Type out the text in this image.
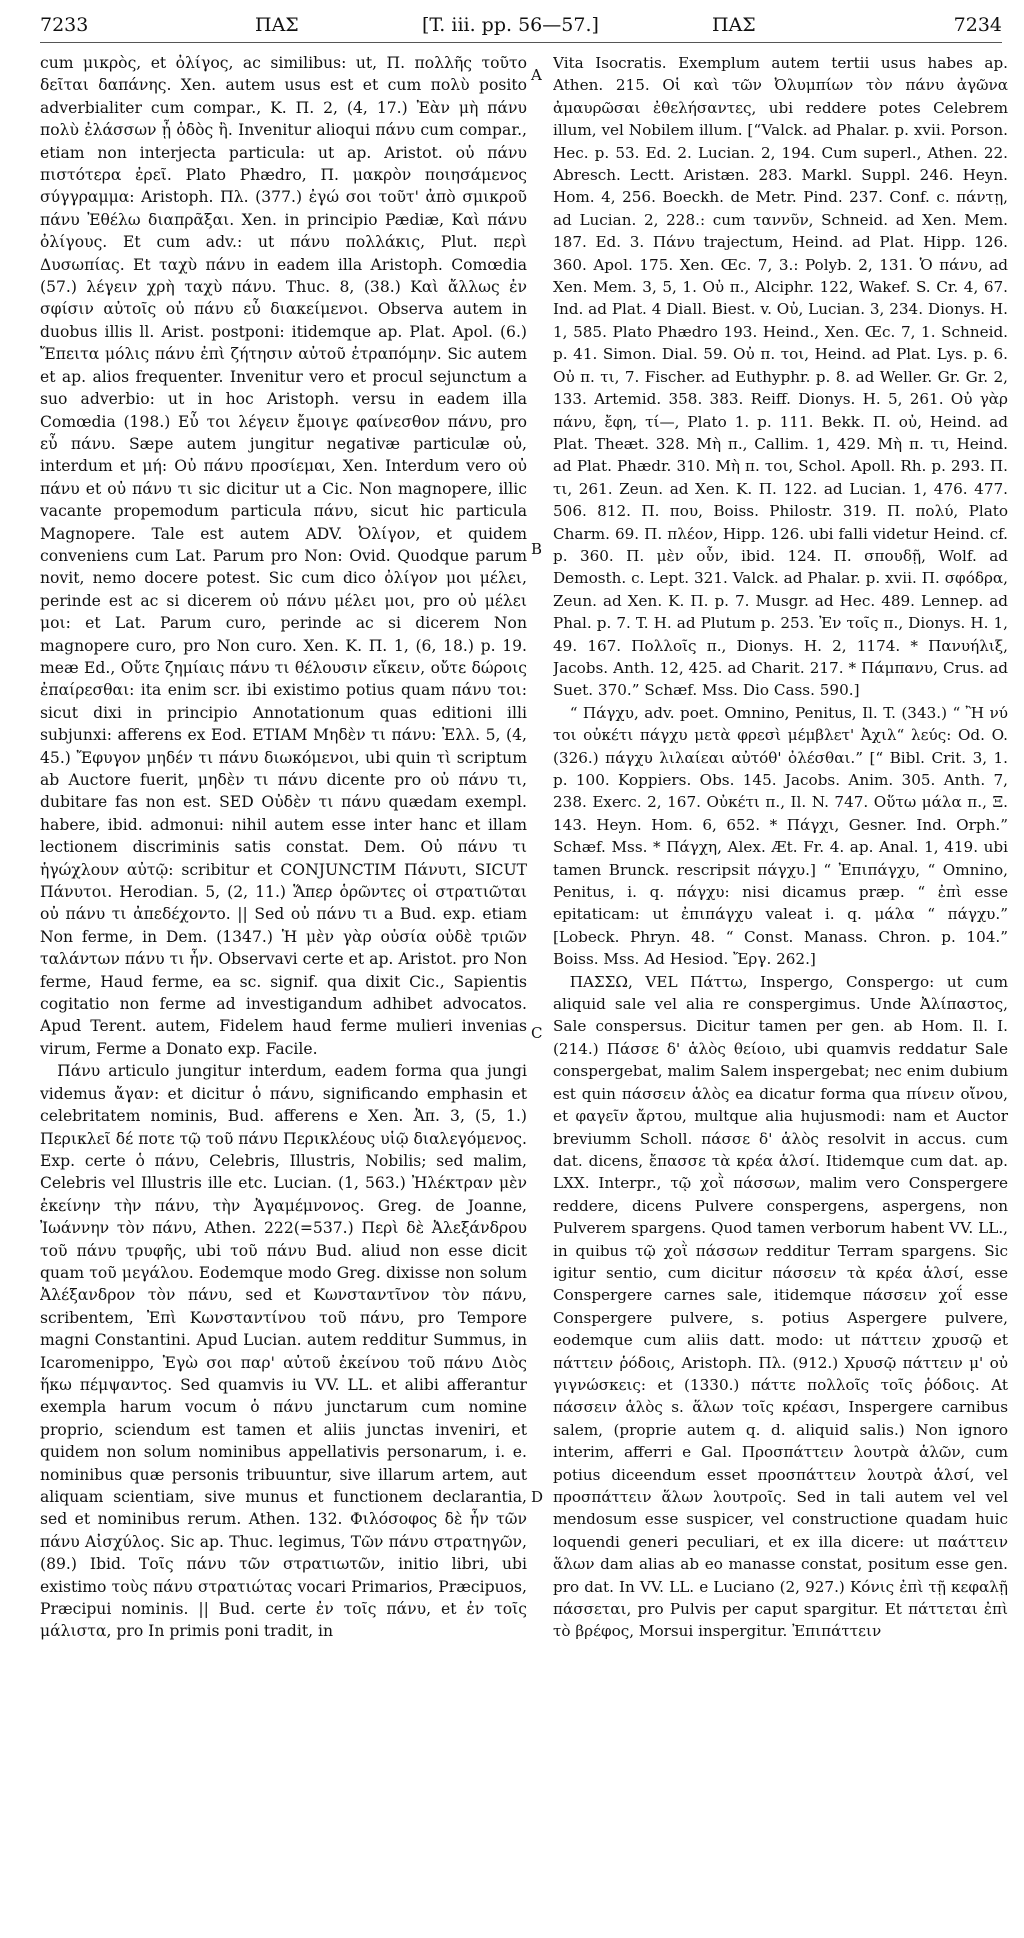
7233	ΠΑΣ	[T. iii. pp. 56—57.]	ΠΑΣ	7234
A
B
C
D

cum μικρὸς, et ὀλίγος, ac similibus: ut, Π. πολλῆς τοῦτο δεῖται δαπάνης. Xen. autem usus est et cum πολὺ posito adverbialiter cum compar., K. Π. 2, (4, 17.) Ἐὰν μὴ πάνυ πολὺ ἐλάσσων ᾖ ὁδὸς ἢ. Invenitur alioqui πάνυ cum compar., etiam non interjecta particula: ut ap. Aristot. οὐ πάνυ πιστότερα ἐρεῖ. Plato Phædro, Π. μακρὸν ποιησάμενος σύγγραμμα: Aristoph. Πλ. (377.) ἐγώ σοι τοῦτ' ἀπὸ σμικροῦ πάνυ Ἐθέλω διαπρᾶξαι. Xen. in principio Pædiæ, Καὶ πάνυ ὀλίγους. Et cum adv.: ut πάνυ πολλάκις, Plut. περὶ Δυσωπίας. Et ταχὺ πάνυ in eadem illa Aristoph. Comœdia (57.) λέγειν χρὴ ταχὺ πάνυ. Thuc. 8, (38.) Καὶ ἄλλως ἐν σφίσιν αὐτοῖς οὐ πάνυ εὖ διακείμενοι. Observa autem in duobus illis ll. Arist. postponi: itidemque ap. Plat. Apol. (6.) Ἔπειτα μόλις πάνυ ἐπὶ ζήτησιν αὐτοῦ ἐτραπόμην. Sic autem et ap. alios frequenter. Invenitur vero et procul sejunctum a suo adverbio: ut in hoc Aristoph. versu in eadem illa Comœdia (198.) Εὖ τοι λέγειν ἔμοιγε φαίνεσθον πάνυ, pro εὖ πάνυ. Sæpe autem jungitur negativæ particulæ οὐ, interdum et μή: Οὐ πάνυ προσίεμαι, Xen. Interdum vero οὐ πάνυ et οὐ πάνυ τι sic dicitur ut a Cic. Non magnopere, illic vacante propemodum particula πάνυ, sicut hic particula Magnopere. Tale est autem ADV. Ὀλίγον, et quidem conveniens cum Lat. Parum pro Non: Ovid. Quodque parum novit, nemo docere potest. Sic cum dico ὀλίγον μοι μέλει, perinde est ac si dicerem οὐ πάνυ μέλει μοι, pro οὐ μέλει μοι: et Lat. Parum curo, perinde ac si dicerem Non magnopere curo, pro Non curo. Xen. K. Π. 1, (6, 18.) p. 19. meæ Ed., Οὔτε ζημίαις πάνυ τι θέλουσιν εἴκειν, οὔτε δώροις ἐπαίρεσθαι: ita enim scr. ibi existimo potius quam πάνυ τοι: sicut dixi in principio Annotationum quas editioni illi subjunxi: afferens ex Eod. ETIAM Μηδὲν τι πάνυ: Ἐλλ. 5, (4, 45.) Ἔφυγον μηδέν τι πάνυ διωκόμενοι, ubi quin τὶ scriptum ab Auctore fuerit, μηδὲν τι πάνυ dicente pro οὐ πάνυ τι, dubitare fas non est. SED Οὐδὲν τι πάνυ quædam exempl. habere, ibid. admonui: nihil autem esse inter hanc et illam lectionem discriminis satis constat. Dem. Οὐ πάνυ τι ἡγώχλουν αὐτῷ: scribitur et CONJUNCTIM Πάνυτι, SICUT Πάνυτοι. Herodian. 5, (2, 11.) Ἅπερ ὁρῶντες οἱ στρατιῶται οὐ πάνυ τι ἀπεδέχοντο. || Sed οὐ πάνυ τι a Bud. exp. etiam Non ferme, in Dem. (1347.) Ἡ μὲν γὰρ οὐσία οὐδὲ τριῶν ταλάντων πάνυ τι ἦν. Observavi certe et ap. Aristot. pro Non ferme, Haud ferme, ea sc. signif. qua dixit Cic., Sapientis cogitatio non ferme ad investigandum adhibet advocatos. Apud Terent. autem, Fidelem haud ferme mulieri invenias virum, Ferme a Donato exp. Facile.

Πάνυ articulo jungitur interdum, eadem forma qua jungi videmus ἄγαν: et dicitur ὁ πάνυ, significando emphasin et celebritatem nominis, Bud. afferens e Xen. Ἀπ. 3, (5, 1.) Περικλεῖ δέ ποτε τῷ τοῦ πάνυ Περικλέους υἱῷ διαλεγόμενος. Exp. certe ὁ πάνυ, Celebris, Illustris, Nobilis; sed malim, Celebris vel Illustris ille etc. Lucian. (1, 563.) Ἠλέκτραν μὲν ἐκείνην τὴν πάνυ, τὴν Ἀγαμέμνονος. Greg. de Joanne, Ἰωάννην τὸν πάνυ, Athen. 222(=537.) Περὶ δὲ Ἀλεξάνδρου τοῦ πάνυ τρυφῆς, ubi τοῦ πάνυ Bud. aliud non esse dicit quam τοῦ μεγάλου. Eodemque modo Greg. dixisse non solum Ἀλέξανδρον τὸν πάνυ, sed et Κωνσταντῖνον τὸν πάνυ, scribentem, Ἐπὶ Κωνσταντίνου τοῦ πάνυ, pro Tempore magni Constantini. Apud Lucian. autem redditur Summus, in Icaromenippo, Ἐγὼ σοι παρ' αὐτοῦ ἐκείνου τοῦ πάνυ Διὸς ἥκω πέμψαντος. Sed quamvis iu VV. LL. et alibi afferantur exempla harum vocum ὁ πάνυ junctarum cum nomine proprio, sciendum est tamen et aliis junctas inveniri, et quidem non solum nominibus appellativis personarum, i. e. nominibus quæ personis tribuuntur, sive illarum artem, aut aliquam scientiam, sive munus et functionem declarantia, sed et nominibus rerum. Athen. 132. Φιλόσοφος δὲ ἦν τῶν πάνυ Αἰσχύλος. Sic ap. Thuc. legimus, Τῶν πάνυ στρατηγῶν, (89.) Ibid. Τοῖς πάνυ τῶν στρατιωτῶν, initio libri, ubi existimo τοὺς πάνυ στρατιώτας vocari Primarios, Præcipuos, Præcipui nominis. || Bud. certe ἐν τοῖς πάνυ, et ἐν τοῖς μάλιστα, pro In primis poni tradit, in

Vita Isocratis. Exemplum autem tertii usus habes ap. Athen. 215. Οἱ καὶ τῶν Ὀλυμπίων τὸν πάνυ ἀγῶνα ἀμαυρῶσαι ἐθελήσαντες, ubi reddere potes Celebrem illum, vel Nobilem illum. [“Valck. ad Phalar. p. xvii. Porson. Hec. p. 53. Ed. 2. Lucian. 2, 194. Cum superl., Athen. 22. Abresch. Lectt. Aristæn. 283. Markl. Suppl. 246. Heyn. Hom. 4, 256. Boeckh. de Metr. Pind. 237. Conf. c. πάντῃ, ad Lucian. 2, 228.: cum ταννῦν, Schneid. ad Xen. Mem. 187. Ed. 3. Πάνυ trajectum, Heind. ad Plat. Hipp. 126. 360. Apol. 175. Xen. Œc. 7, 3.: Polyb. 2, 131. Ὁ πάνυ, ad Xen. Mem. 3, 5, 1. Οὐ π., Alciphr. 122, Wakef. S. Cr. 4, 67. Ind. ad Plat. 4 Diall. Biest. v. Οὐ, Lucian. 3, 234. Dionys. H. 1, 585. Plato Phædro 193. Heind., Xen. Œc. 7, 1. Schneid. p. 41. Simon. Dial. 59. Οὐ π. τοι, Heind. ad Plat. Lys. p. 6. Οὐ π. τι, 7. Fischer. ad Euthyphr. p. 8. ad Weller. Gr. Gr. 2, 133. Artemid. 358. 383. Reiff. Dionys. H. 5, 261. Οὐ γὰρ πάνυ, ἔφη, τί—, Plato 1. p. 111. Bekk. Π. οὐ, Heind. ad Plat. Theæt. 328. Μὴ π., Callim. 1, 429. Μὴ π. τι, Heind. ad Plat. Phædr. 310. Μὴ π. τοι, Schol. Apoll. Rh. p. 293. Π. τι, 261. Zeun. ad Xen. K. Π. 122. ad Lucian. 1, 476. 477. 506. 812. Π. που, Boiss. Philostr. 319. Π. πολύ, Plato Charm. 69. Π. πλέον, Hipp. 126. ubi falli videtur Heind. cf. p. 360. Π. μὲν οὖν, ibid. 124. Π. σπουδῇ, Wolf. ad Demosth. c. Lept. 321. Valck. ad Phalar. p. xvii. Π. σφόδρα, Zeun. ad Xen. K. Π. p. 7. Musgr. ad Hec. 489. Lennep. ad Phal. p. 7. T. H. ad Plutum p. 253. Ἐν τοῖς π., Dionys. H. 1, 49. 167. Πολλοῖς π., Dionys. H. 2, 1174. * Πανυήλιξ, Jacobs. Anth. 12, 425. ad Charit. 217. * Πάμπανυ, Crus. ad Suet. 370.” Schæf. Mss. Dio Cass. 590.]

“ Πάγχυ, adv. poet. Omnino, Penitus, Il. T. (343.) “ Ἢ νύ τοι οὐκέτι πάγχυ μετὰ φρεσὶ μέμβλετ' Ἀχιλ“ λεύς: Od. O. (326.) πάγχυ λιλαίεαι αὐτόθ' ὀλέσθαι.” [“ Bibl. Crit. 3, 1. p. 100. Koppiers. Obs. 145. Jacobs. Anim. 305. Anth. 7, 238. Exerc. 2, 167. Οὐκέτι π., Il. N. 747. Οὕτω μάλα π., Ξ. 143. Heyn. Hom. 6, 652. * Πάγχι, Gesner. Ind. Orph.” Schæf. Mss. * Πάγχη, Alex. Æt. Fr. 4. ap. Anal. 1, 419. ubi tamen Brunck. rescripsit πάγχυ.] “ Ἐπιπάγχυ, “ Omnino, Penitus, i. q. πάγχυ: nisi dicamus præp. “ ἐπὶ esse epitaticam: ut ἐπιπάγχυ valeat i. q. μάλα “ πάγχυ.” [Lobeck. Phryn. 48. “ Const. Manass. Chron. p. 104.” Boiss. Mss. Ad Hesiod. Ἔργ. 262.]

ΠΑΣΣΩ, VEL Πάττω, Inspergo, Conspergo: ut cum aliquid sale vel alia re conspergimus. Unde Ἀλίπαστος, Sale conspersus. Dicitur tamen per gen. ab Hom. Il. I. (214.) Πάσσε δ' ἁλὸς θείοιο, ubi quamvis reddatur Sale conspergebat, malim Salem inspergebat; nec enim dubium est quin πάσσειν ἁλὸς ea dicatur forma qua πίνειν οἴνου, et φαγεῖν ἄρτου, multque alia hujusmodi: nam et Auctor breviumm Scholl. πάσσε δ' ἁλὸς resolvit in accus. cum dat. dicens, ἔπασσε τὰ κρέα ἁλσί. Itidemque cum dat. ap. LXX. Interpr., τῷ χοῒ πάσσων, malim vero Conspergere reddere, dicens Pulvere conspergens, aspergens, non Pulverem spargens. Quod tamen verborum habent VV. LL., in quibus τῷ χοῒ πάσσων redditur Terram spargens. Sic igitur sentio, cum dicitur πάσσειν τὰ κρέα ἁλσί, esse Conspergere carnes sale, itidemque πάσσειν χοΐ esse Conspergere pulvere, s. potius Aspergere pulvere, eodemque cum aliis datt. modo: ut πάττειν χρυσῷ et πάττειν ῥόδοις, Aristoph. Πλ. (912.) Χρυσῷ πάττειν μ' οὐ γιγνώσκεις: et (1330.) πάττε πολλοῖς τοῖς ῥόδοις. At πάσσειν ἁλὸς s. ἅλων τοῖς κρέασι, Inspergere carnibus salem, (proprie autem q. d. aliquid salis.) Non ignoro interim, afferri e Gal. Προσπάττειν λουτρὰ ἁλῶν, cum potius diceendum esset προσπάττειν λουτρὰ ἁλσί, vel προσπάττειν ἅλων λουτροῖς. Sed in tali autem vel vel mendosum esse suspicer, vel constructione quadam huic loquendi generi peculiari, et ex illa dicere: ut παάττειν ἅλων dam alias ab eo manasse constat, positum esse gen. pro dat. In VV. LL. e Luciano (2, 927.) Κόνις ἐπὶ τῇ κεφαλῇ πάσσεται, pro Pulvis per caput spargitur. Et πάττεται ἐπὶ τὸ βρέφος, Morsui inspergitur. Ἐπιπάττειν
